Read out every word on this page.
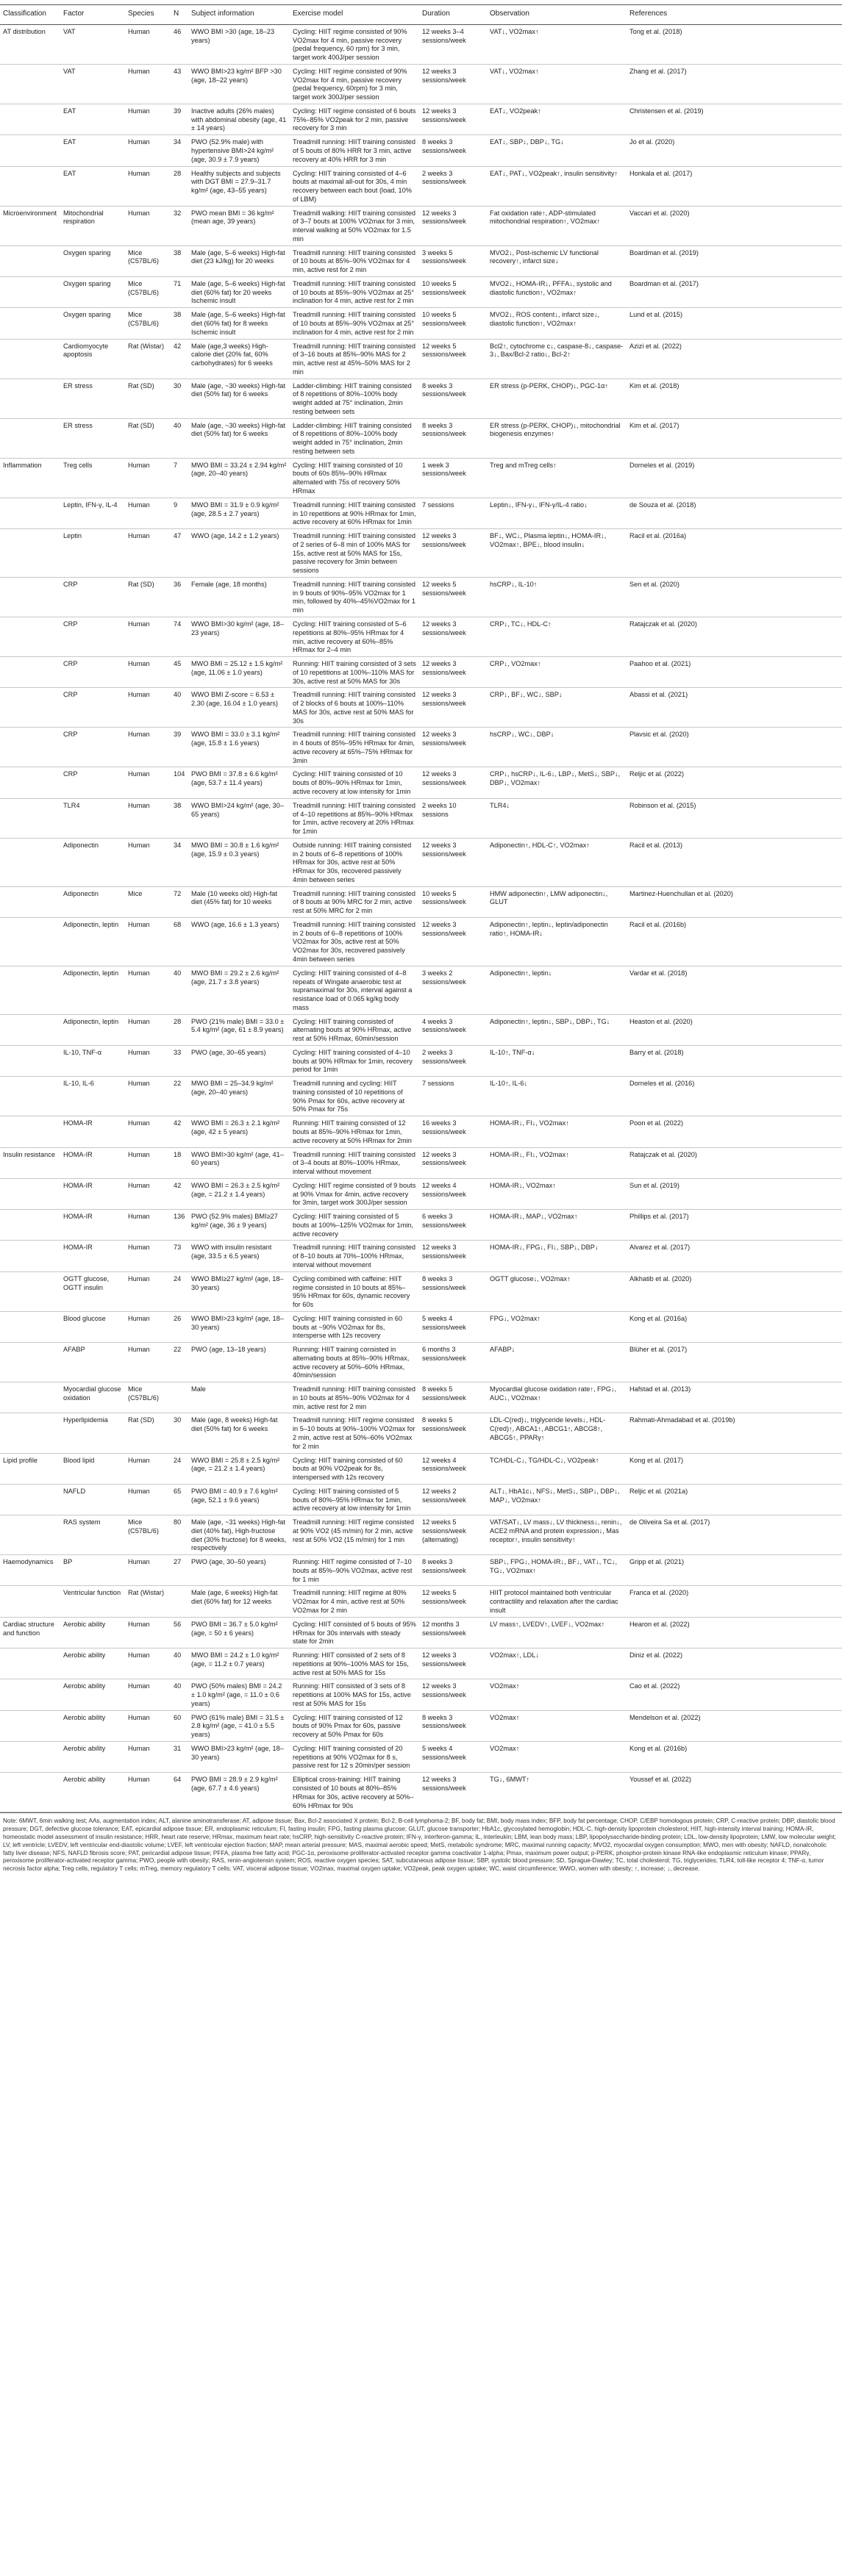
Classification	Factor	Species	N	Subject information	Exercise model	Duration	Observation	References
AT distribution	VAT	Human	46	WWO BMI >30 (age, 18–23 years)	Cycling: HIIT regime consisted of 90% VO2max for 4 min, passive recovery (pedal frequency, 60 rpm) for 3 min, target work 400J/per session	12 weeks 3–4 sessions/week	VAT↓, VO2max↑	Tong et al. (2018)
	VAT	Human	43	WWO BMI>23 kg/m² BFP >30 (age, 18–22 years)	Cycling: HIIT regime consisted of 90% VO2max for 4 min, passive recovery (pedal frequency, 60rpm) for 3 min, target work 300J/per session	12 weeks 3 sessions/week	VAT↓, VO2max↑	Zhang et al. (2017)
	EAT	Human	39	Inactive adults (26% males) with abdominal obesity (age, 41 ± 14 years)	Cycling: HIIT regime consisted of 6 bouts 75%–85% VO2peak for 2 min, passive recovery for 3 min	12 weeks 3 sessions/week	EAT↓, VO2peak↑	Christensen et al. (2019)
	EAT	Human	34	PWO (52.9% male) with hypertensive BMI>24 kg/m² (age, 30.9 ± 7.9 years)	Treadmill running: HIIT training consisted of 5 bouts of 80% HRR for 3 min, active recovery at 40% HRR for 3 min	8 weeks 3 sessions/week	EAT↓, SBP↓, DBP↓, TG↓	Jo et al. (2020)
	EAT	Human	28	Healthy subjects and subjects with DGT BMI = 27.9–31.7 kg/m² (age, 43–55 years)	Cycling: HIIT training consisted of 4–6 bouts at maximal all-out for 30s, 4 min recovery between each bout (load, 10% of LBM)	2 weeks 3 sessions/week	EAT↓, PAT↓, VO2peak↑, insulin sensitivity↑	Honkala et al. (2017)
Microenvironment	Mitochondrial respiration	Human	32	PWO mean BMI = 36 kg/m² (mean age, 39 years)	Treadmill walking: HIIT training consisted of 3–7 bouts at 100% VO2max for 3 min, interval walking at 50% VO2max for 1.5 min	12 weeks 3 sessions/week	Fat oxidation rate↑, ADP-stimulated mitochondrial respiration↑, VO2max↑	Vaccari et al. (2020)
	Oxygen sparing	Mice (C57BL/6)	38	Male (age, 5–6 weeks) High-fat diet (23 kJ/kg) for 20 weeks	Treadmill running: HIIT training consisted of 10 bouts at 85%–90% VO2max for 4 min, active rest for 2 min	3 weeks 5 sessions/week	MVO2↓, Post-ischemic LV functional recovery↑, infarct size↓	Boardman et al. (2019)
	Oxygen sparing	Mice (C57BL/6)	71	Male (age, 5–6 weeks) High-fat diet (60% fat) for 20 weeks Ischemic insult	Treadmill running: HIIT training consisted of 10 bouts at 85%–90% VO2max at 25° inclination for 4 min, active rest for 2 min	10 weeks 5 sessions/week	MVO2↓, HOMA-IR↓, PFFA↓, systolic and diastolic function↑, VO2max↑	Boardman et al. (2017)
	Oxygen sparing	Mice (C57BL/6)	38	Male (age, 5–6 weeks) High-fat diet (60% fat) for 8 weeks Ischemic insult	Treadmill running: HIIT training consisted of 10 bouts at 85%–90% VO2max at 25° inclination for 4 min, active rest for 2 min	10 weeks 5 sessions/week	MVO2↓, ROS content↓, infarct size↓, diastolic function↑, VO2max↑	Lund et al. (2015)
	Cardiomyocyte apoptosis	Rat (Wistar)	42	Male (age,3 weeks) High-calorie diet (20% fat, 60% carbohydrates) for 6 weeks	Treadmill running: HIIT training consisted of 3–16 bouts at 85%–90% MAS for 2 min, active rest at 45%–50% MAS for 2 min	12 weeks 5 sessions/week	Bcl2↑, cytochrome c↓, caspase-8↓, caspase-3↓, Bax/Bcl-2 ratio↓, Bcl-2↑	Azizi et al. (2022)
	ER stress	Rat (SD)	30	Male (age, ~30 weeks) High-fat diet (50% fat) for 6 weeks	Ladder-climbing: HIIT training consisted of 8 repetitions of 80%–100% body weight added at 75° inclination, 2min resting between sets	8 weeks 3 sessions/week	ER stress (p-PERK, CHOP)↓, PGC-1α↑	Kim et al. (2018)
	ER stress	Rat (SD)	40	Male (age, ~30 weeks) High-fat diet (50% fat) for 6 weeks	Ladder-climbing: HIIT training consisted of 8 repetitions of 80%–100% body weight added in 75° inclination, 2min resting between sets	8 weeks 3 sessions/week	ER stress (p-PERK, CHOP)↓, mitochondrial biogenesis enzymes↑	Kim et al. (2017)
Inflammation	Treg cells	Human	7	MWO BMI = 33.24 ± 2.94 kg/m² (age, 20–40 years)	Cycling: HIIT training consisted of 10 bouts of 60s 85%–90% HRmax alternated with 75s of recovery 50% HRmax	1 week 3 sessions/week	Treg and mTreg cells↑	Dorneles et al. (2019)
	Leptin, IFN-γ, IL-4	Human	9	MWO BMI = 31.9 ± 0.9 kg/m² (age, 28.5 ± 2.7 years)	Treadmill running: HIIT training consisted in 10 repetitions at 90% HRmax for 1min, active recovery at 60% HRmax for 1min	7 sessions	Leptin↓, IFN-γ↓, IFN-γ/IL-4 ratio↓	de Souza et al. (2018)
	Leptin	Human	47	WWO (age, 14.2 ± 1.2 years)	Treadmill running: HIIT training consisted of 2 series of 6–8 min of 100% MAS for 15s, active rest at 50% MAS for 15s, passive recovery for 3min between sessions	12 weeks 3 sessions/week	BF↓, WC↓, Plasma leptin↓, HOMA-IR↓, VO2max↑, BPE↓, blood insulin↓	Racil et al. (2016a)
	CRP	Rat (SD)	36	Female (age, 18 months)	Treadmill running: HIIT training consisted in 9 bouts of 90%–95% VO2max for 1 min, followed by 40%–45%VO2max for 1 min	12 weeks 5 sessions/week	hsCRP↓, IL-10↑	Sen et al. (2020)
	CRP	Human	74	WWO BMI>30 kg/m² (age, 18–23 years)	Cycling: HIIT training consisted of 5–6 repetitions at 80%–95% HRmax for 4 min, active recovery at 60%–85% HRmax for 2–4 min	12 weeks 3 sessions/week	CRP↓, TC↓, HDL-C↑	Ratajczak et al. (2020)
	CRP	Human	45	MWO BMI = 25.12 ± 1.5 kg/m² (age, 11.06 ± 1.0 years)	Running: HIIT training consisted of 3 sets of 10 repetitions at 100%–110% MAS for 30s, active rest at 50% MAS for 30s	12 weeks 3 sessions/week	CRP↓, VO2max↑	Paahoo et al. (2021)
	CRP	Human	40	WWO BMI Z-score = 6.53 ± 2.30 (age, 16.04 ± 1.0 years)	Treadmill running: HIIT training consisted of 2 blocks of 6 bouts at 100%–110% MAS for 30s, active rest at 50% MAS for 30s	12 weeks 3 sessions/week	CRP↓, BF↓, WC↓, SBP↓	Abassi et al. (2021)
	CRP	Human	39	WWO BMI = 33.0 ± 3.1 kg/m² (age, 15.8 ± 1.6 years)	Treadmill running: HIIT training consisted in 4 bouts of 85%–95% HRmax for 4min, active recovery at 65%–75% HRmax for 3min	12 weeks 3 sessions/week	hsCRP↓, WC↓, DBP↓	Plavsic et al. (2020)
	CRP	Human	104	PWO BMI = 37.8 ± 6.6 kg/m² (age, 53.7 ± 11.4 years)	Cycling: HIIT training consisted of 10 bouts of 80%–90% HRmax for 1min, active recovery at low intensity for 1min	12 weeks 3 sessions/week	CRP↓, hsCRP↓, IL-6↓, LBP↓, MetS↓, SBP↓, DBP↓, VO2max↑	Reljic et al. (2022)
	TLR4	Human	38	WWO BMI>24 kg/m² (age, 30–65 years)	Treadmill running: HIIT training consisted of 4–10 repetitions at 85%–90% HRmax for 1min, active recovery at 20% HRmax for 1min	2 weeks 10 sessions	TLR4↓	Robinson et al. (2015)
	Adiponectin	Human	34	MWO BMI = 30.8 ± 1.6 kg/m² (age, 15.9 ± 0.3 years)	Outside running: HIIT training consisted in 2 bouts of 6–8 repetitions of 100% HRmax for 30s, active rest at 50% HRmax for 30s, recovered passively 4min between series	12 weeks 3 sessions/week	Adiponectin↑, HDL-C↑, VO2max↑	Racil et al. (2013)
	Adiponectin	Mice	72	Male (10 weeks old) High-fat diet (45% fat) for 10 weeks	Treadmill running: HIIT training consisted of 8 bouts at 90% MRC for 2 min, active rest at 50% MRC for 2 min	10 weeks 5 sessions/week	HMW adiponectin↑, LMW adiponectin↓, GLUT	Martinez-Huenchullan et al. (2020)
	Adiponectin, leptin	Human	68	WWO (age, 16.6 ± 1.3 years)	Treadmill running: HIIT training consisted in 2 bouts of 6–8 repetitions of 100% VO2max for 30s, active rest at 50% VO2max for 30s, recovered passively 4min between series	12 weeks 3 sessions/week	Adiponectin↑, leptin↓, leptin/adiponectin ratio↑, HOMA-IR↓	Racil et al. (2016b)
	Adiponectin, leptin	Human	40	MWO BMI = 29.2 ± 2.6 kg/m² (age, 21.7 ± 3.8 years)	Cycling: HIIT training consisted of 4–8 repeats of Wingate anaerobic test at supramaximal for 30s, interval against a resistance load of 0.065 kg/kg body mass	3 weeks 2 sessions/week	Adiponectin↑, leptin↓	Vardar et al. (2018)
	Adiponectin, leptin	Human	28	PWO (21% male) BMI = 33.0 ± 5.4 kg/m² (age, 61 ± 8.9 years)	Cycling: HIIT training consisted of alternating bouts at 90% HRmax, active rest at 50% HRmax, 60min/session	4 weeks 3 sessions/week	Adiponectin↑, leptin↓, SBP↓, DBP↓, TG↓	Heaston et al. (2020)
	IL-10, TNF-α	Human	33	PWO (age, 30–65 years)	Cycling: HIIT training consisted of 4–10 bouts at 90% HRmax for 1min, recovery period for 1min	2 weeks 3 sessions/week	IL-10↑, TNF-α↓	Barry et al. (2018)
	IL-10, IL-6	Human	22	MWO BMI = 25–34.9 kg/m² (age, 20–40 years)	Treadmill running and cycling: HIIT training consisted of 10 repetitions of 90% Pmax for 60s, active recovery at 50% Pmax for 75s	7 sessions	IL-10↑, IL-6↓	Dorneles et al. (2016)
	HOMA-IR	Human	42	WWO BMI = 26.3 ± 2.1 kg/m² (age, 42 ± 5 years)	Running: HIIT training consisted of 12 bouts at 85%–90% HRmax for 1min, active recovery at 50% HRmax for 2min	16 weeks 3 sessions/week	HOMA-IR↓, FI↓, VO2max↑	Poon et al. (2022)
Insulin resistance	HOMA-IR	Human	18	WWO BMI>30 kg/m² (age, 41–60 years)	Treadmill running: HIIT training consisted of 3–4 bouts at 80%–100% HRmax, interval without movement	12 weeks 3 sessions/week	HOMA-IR↓, FI↓, VO2max↑	Ratajczak et al. (2020)
	HOMA-IR	Human	42	WWO BMI = 26.3 ± 2.5 kg/m² (age, = 21.2 ± 1.4 years)	Cycling: HIIT regime consisted of 9 bouts at 90% Vmax for 4min, active recovery for 3min, target work 300J/per session	12 weeks 4 sessions/week	HOMA-IR↓, VO2max↑	Sun et al. (2019)
	HOMA-IR	Human	136	PWO (52.9% males) BMI≥27 kg/m² (age, 36 ± 9 years)	Cycling: HIIT training consisted of 5 bouts at 100%–125% VO2max for 1min, active recovery	6 weeks 3 sessions/week	HOMA-IR↓, MAP↓, VO2max↑	Phillips et al. (2017)
	HOMA-IR	Human	73	WWO with insulin resistant (age, 33.5 ± 6.5 years)	Treadmill running: HIIT training consisted of 8–10 bouts at 70%–100% HRmax, interval without movement	12 weeks 3 sessions/week	HOMA-IR↓, FPG↓, FI↓, SBP↓, DBP↓	Alvarez et al. (2017)
	OGTT glucose, OGTT insulin	Human	24	WWO BMI≥27 kg/m² (age, 18–30 years)	Cycling combined with caffeine: HIIT regime consisted in 10 bouts at 85%–95% HRmax for 60s, dynamic recovery for 60s	8 weeks 3 sessions/week	OGTT glucose↓, VO2max↑	Alkhatib et al. (2020)
	Blood glucose	Human	26	WWO BMI>23 kg/m² (age, 18–30 years)	Cycling: HIIT training consisted in 60 bouts at ~90% VO2max for 8s, intersperse with 12s recovery	5 weeks 4 sessions/week	FPG↓, VO2max↑	Kong et al. (2016a)
	AFABP	Human	22	PWO (age, 13–18 years)	Running: HIIT training consisted in alternating bouts at 85%–90% HRmax, active recovery at 50%–60% HRmax, 40min/session	6 months 3 sessions/week	AFABP↓	Blüher et al. (2017)
	Myocardial glucose oxidation	Mice (C57BL/6)		Male	Treadmill running: HIIT training consisted in 10 bouts at 85%–90% VO2max for 4 min, active rest for 2 min	8 weeks 5 sessions/week	Myocardial glucose oxidation rate↑, FPG↓, AUC↓, VO2max↑	Hafstad et al. (2013)
	Hyperlipidemia	Rat (SD)	30	Male (age, 8 weeks) High-fat diet (50% fat) for 6 weeks	Treadmill running: HIIT regime consisted in 5–10 bouts at 90%–100% VO2max for 2 min, active rest at 50%–60% VO2max for 2 min	8 weeks 5 sessions/week	LDL-C(red)↓, triglyceride levels↓, HDL-C(red)↑, ABCA1↑, ABCG1↑, ABCG8↑, ABCG5↑, PPARγ↑	Rahmati-Ahmadabad et al. (2019b)
Lipid profile	Blood lipid	Human	24	WWO BMI = 25.8 ± 2.5 kg/m² (age, = 21.2 ± 1.4 years)	Cycling: HIIT training consisted of 60 bouts at 90% VO2peak for 8s, interspersed with 12s recovery	12 weeks 4 sessions/week	TC/HDL-C↓, TG/HDL-C↓, VO2peak↑	Kong et al. (2017)
	NAFLD	Human	65	PWO BMI = 40.9 ± 7.6 kg/m² (age, 52.1 ± 9.6 years)	Cycling: HIIT training consisted of 5 bouts of 80%–95% HRmax for 1min, active recovery at low intensity for 1min	12 weeks 2 sessions/week	ALT↓, HbA1c↓, NFS↓, MetS↓, SBP↓, DBP↓, MAP↓, VO2max↑	Reljic et al. (2021a)
	RAS system	Mice (C57BL/6)	80	Male (age, ~31 weeks) High-fat diet (40% fat), High-fructose diet (30% fructose) for 8 weeks, respectively	Treadmill running: HIIT regime consisted at 90% VO2 (45 m/min) for 2 min, active rest at 50% VO2 (15 m/min) for 1 min	12 weeks 5 sessions/week (alternating)	VAT/SAT↓, LV mass↓, LV thickness↓, renin↓, ACE2 mRNA and protein expression↓, Mas receptor↑, insulin sensitivity↑	de Oliveira Sa et al. (2017)
Haemodynamics	BP	Human	27	PWO (age, 30–50 years)	Running: HIIT regime consisted of 7–10 bouts at 85%–90% VO2max, active rest for 1 min	8 weeks 3 sessions/week	SBP↓, FPG↓, HOMA-IR↓, BF↓, VAT↓, TC↓, TG↓, VO2max↑	Gripp et al. (2021)
	Ventricular function	Rat (Wistar)		Male (age, 6 weeks) High-fat diet (60% fat) for 12 weeks	Treadmill running: HIIT regime at 80% VO2max for 4 min, active rest at 50% VO2max for 2 min	12 weeks 5 sessions/week	HIIT protocol maintained both ventricular contractility and relaxation after the cardiac insult	Franca et al. (2020)
Cardiac structure and function	Aerobic ability	Human	56	PWO BMI = 36.7 ± 5.0 kg/m² (age, = 50 ± 6 years)	Cycling: HIIT consisted of 5 bouts of 95% HRmax for 30s intervals with steady state for 2min	12 months 3 sessions/week	LV mass↑, LVEDV↑, LVEF↓, VO2max↑	Hearon et al. (2022)
	Aerobic ability	Human	40	MWO BMI = 24.2 ± 1.0 kg/m² (age, = 11.2 ± 0.7 years)	Running: HIIT consisted of 2 sets of 8 repetitions at 90%–100% MAS for 15s, active rest at 50% MAS for 15s	12 weeks 3 sessions/week	VO2max↑, LDL↓	Diniz et al. (2022)
	Aerobic ability	Human	40	PWO (50% males) BMI = 24.2 ± 1.0 kg/m² (age, = 11.0 ± 0.6 years)	Running: HIIT consisted of 3 sets of 8 repetitions at 100% MAS for 15s, active rest at 50% MAS for 15s	12 weeks 3 sessions/week	VO2max↑	Cao et al. (2022)
	Aerobic ability	Human	60	PWO (61% male) BMI = 31.5 ± 2.8 kg/m² (age, = 41.0 ± 5.5 years)	Cycling: HIIT training consisted of 12 bouts of 90% Pmax for 60s, passive recovery at 50% Pmax for 60s	8 weeks 3 sessions/week	VO2max↑	Mendelson et al. (2022)
	Aerobic ability	Human	31	WWO BMI>23 kg/m² (age, 18–30 years)	Cycling: HIIT training consisted of 20 repetitions at 90% VO2max for 8 s, passive rest for 12 s 20min/per session	5 weeks 4 sessions/week	VO2max↑	Kong et al. (2016b)
	Aerobic ability	Human	64	PWO BMI = 28.9 ± 2.9 kg/m² (age, 67.7 ± 4.6 years)	Elliptical cross-training: HIIT training consisted of 10 bouts at 80%–85% HRmax for 30s, active recovery at 50%–60% HRmax for 90s	12 weeks 3 sessions/week	TG↓, 6MWT↑	Youssef et al. (2022)
Note: 6MWT, 6min walking test; AAs, augmentation index; ALT, alanine aminotransferase; AT, adipose tissue; Bax, Bcl-2 associated X protein; Bcl-2, B-cell lymphoma-2; BF, body fat; BMI, body mass index; BFP, body fat percentage; CHOP, C/EBP homologous protein; CRP, C-reactive protein; DBP, diastolic blood pressure; DGT, defective glucose tolerance; EAT, epicardial adipose tissue; ER, endoplasmic reticulum; FI, fasting insulin; FPG, fasting plasma glucose; GLUT, glucose transporter; HbA1c, glycosylated hemoglobin; HDL-C, high-density lipoprotein cholesterol; HIIT, high-intensity interval training; HOMA-IR, homeostatic model assessment of insulin resistance; HRR, heart rate reserve; HRmax, maximum heart rate; hsCRP, high-sensitivity C-reactive protein; IFN-γ, interferon-gamma; IL, interleukin; LBM, lean body mass; LBP, lipopolysaccharide-binding protein; LDL, low-density lipoprotein; LMW, low molecular weight; LV, left ventricle; LVEDV, left ventricular end-diastolic volume; LVEF, left ventricular ejection fraction; MAP, mean arterial pressure; MAS, maximal aerobic speed; MetS, metabolic syndrome; MRC, maximal running capacity; MVO2, myocardial oxygen consumption; MWO, men with obesity; NAFLD, nonalcoholic fatty liver disease; NFS, NAFLD fibrosis score; PAT, pericardial adipose tissue; PFFA, plasma free fatty acid; PGC-1α, peroxisome proliferator-activated receptor gamma coactivator 1-alpha; Pmax, maximum power output; p-PERK, phosphor-protein kinase RNA-like endoplasmic reticulum kinase; PPARγ, peroxisome proliferator-activated receptor gamma; PWO, people with obesity; RAS, renin-angiotensin system; ROS, reactive oxygen species; SAT, subcutaneous adipose tissue; SBP, systolic blood pressure; SD, Sprague-Dawley; TC, total cholesterol; TG, triglycerides; TLR4, toll-like receptor 4; TNF-α, tumor necrosis factor alpha; Treg cells, regulatory T cells; mTreg, memory regulatory T cells; VAT, visceral adipose tissue; VO2max, maximal oxygen uptake; VO2peak, peak oxygen uptake; WC, waist circumference; WWO, women with obesity; ↑, increase; ↓, decrease.
